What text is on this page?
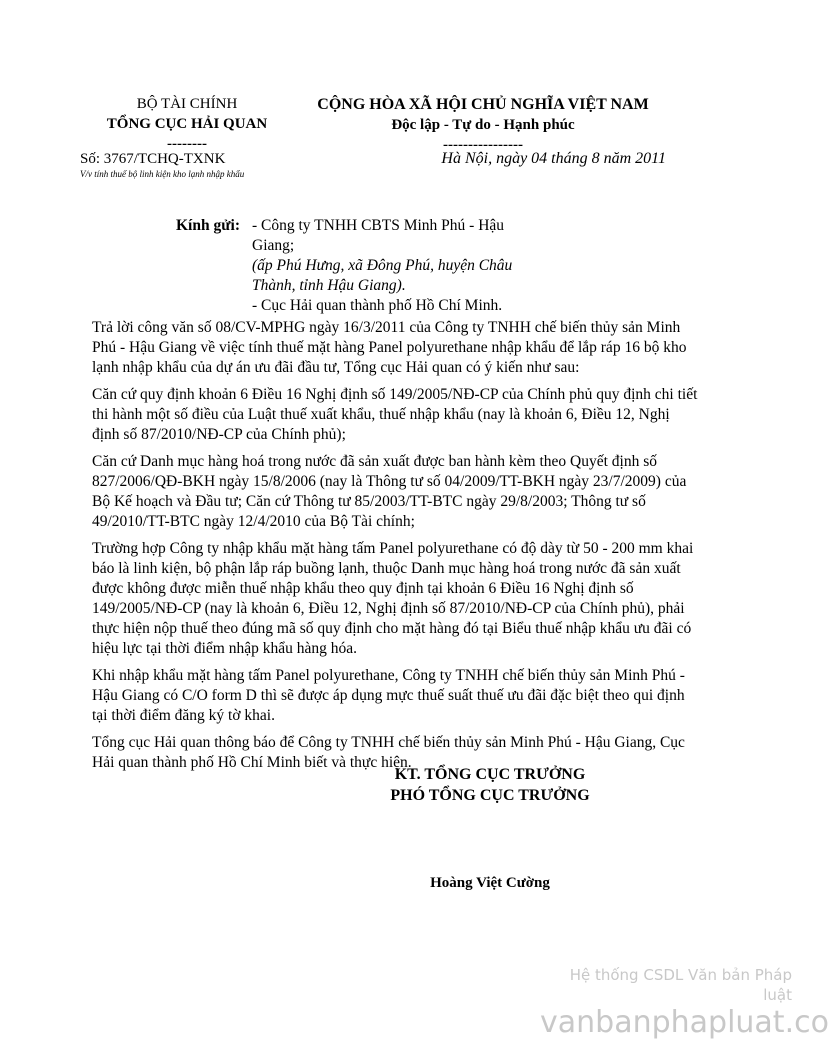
BỘ TÀI CHÍNH
TỔNG CỤC HẢI QUAN
--------
CỘNG HÒA XÃ HỘI CHỦ NGHĨA VIỆT NAM
Độc lập - Tự do - Hạnh phúc
----------------
Số: 3767/TCHQ-TXNK
V/v tính thuế bộ linh kiện kho lạnh nhập khẩu
Hà Nội, ngày 04 tháng 8 năm 2011
Kính gửi: - Công ty TNHH CBTS Minh Phú - Hậu Giang;
(ấp Phú Hưng, xã Đông Phú, huyện Châu Thành, tỉnh Hậu Giang).
- Cục Hải quan thành phố Hồ Chí Minh.

Trả lời công văn số 08/CV-MPHG ngày 16/3/2011 của Công ty TNHH chế biến thủy sản Minh Phú - Hậu Giang về việc tính thuế mặt hàng Panel polyurethane nhập khẩu để lắp ráp 16 bộ kho lạnh nhập khẩu của dự án ưu đãi đầu tư, Tổng cục Hải quan có ý kiến như sau:

Căn cứ quy định khoản 6 Điều 16 Nghị định số 149/2005/NĐ-CP của Chính phủ quy định chi tiết thi hành một số điều của Luật thuế xuất khẩu, thuế nhập khẩu (nay là khoản 6, Điều 12, Nghị định số 87/2010/NĐ-CP của Chính phủ);

Căn cứ Danh mục hàng hoá trong nước đã sản xuất được ban hành kèm theo Quyết định số 827/2006/QĐ-BKH ngày 15/8/2006 (nay là Thông tư số 04/2009/TT-BKH ngày 23/7/2009) của Bộ Kế hoạch và Đầu tư; Căn cứ Thông tư 85/2003/TT-BTC ngày 29/8/2003; Thông tư số 49/2010/TT-BTC ngày 12/4/2010 của Bộ Tài chính;

Trường hợp Công ty nhập khẩu mặt hàng tấm Panel polyurethane có độ dày từ 50 - 200 mm khai báo là linh kiện, bộ phận lắp ráp buồng lạnh, thuộc Danh mục hàng hoá trong nước đã sản xuất được không được miễn thuế nhập khẩu theo quy định tại khoản 6 Điều 16 Nghị định số 149/2005/NĐ-CP (nay là khoản 6, Điều 12, Nghị định số 87/2010/NĐ-CP của Chính phủ), phải thực hiện nộp thuế theo đúng mã số quy định cho mặt hàng đó tại Biểu thuế nhập khẩu ưu đãi có hiệu lực tại thời điểm nhập khẩu hàng hóa.

Khi nhập khẩu mặt hàng tấm Panel polyurethane, Công ty TNHH chế biến thủy sản Minh Phú - Hậu Giang có C/O form D thì sẽ được áp dụng mực thuế suất thuế ưu đãi đặc biệt theo qui định tại thời điểm đăng ký tờ khai.

Tổng cục Hải quan thông báo để Công ty TNHH chế biến thủy sản Minh Phú - Hậu Giang, Cục Hải quan thành phố Hồ Chí Minh biết và thực hiện.

KT. TỔNG CỤC TRƯỞNG
PHÓ TỔNG CỤC TRƯỞNG
Hoàng Việt Cường
Hệ thống CSDL Văn bản Pháp luật
vanbanphapluat.co
